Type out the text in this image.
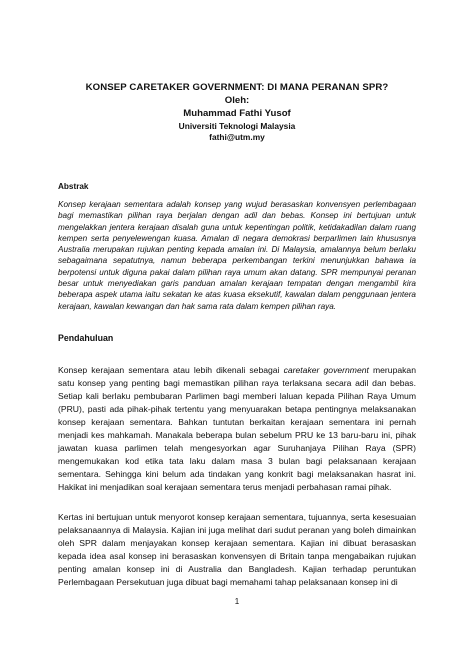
KONSEP CARETAKER GOVERNMENT: DI MANA PERANAN SPR?
Oleh:
Muhammad Fathi Yusof
Universiti Teknologi Malaysia
fathi@utm.my
Abstrak
Konsep kerajaan sementara adalah konsep yang wujud berasaskan konvensyen perlembagaan bagi memastikan pilihan raya berjalan dengan adil dan bebas. Konsep ini bertujuan untuk mengelakkan jentera kerajaan disalah guna untuk kepentingan politik, ketidakadilan dalam ruang kempen serta penyelewengan kuasa. Amalan di negara demokrasi berparlimen lain khususnya Australia merupakan rujukan penting kepada amalan ini. Di Malaysia, amalannya belum berlaku sebagaimana sepatutnya, namun beberapa perkembangan terkini menunjukkan bahawa ia berpotensi untuk diguna pakai dalam pilihan raya umum akan datang. SPR mempunyai peranan besar untuk menyediakan garis panduan amalan kerajaan tempatan dengan mengambil kira beberapa aspek utama iaitu sekatan ke atas kuasa eksekutif, kawalan dalam penggunaan jentera kerajaan, kawalan kewangan dan hak sama rata dalam kempen pilihan raya.
Pendahuluan
Konsep kerajaan sementara atau lebih dikenali sebagai caretaker government merupakan satu konsep yang penting bagi memastikan pilihan raya terlaksana secara adil dan bebas. Setiap kali berlaku pembubaran Parlimen bagi memberi laluan kepada Pilihan Raya Umum (PRU), pasti ada pihak-pihak tertentu yang menyuarakan betapa pentingnya melaksanakan konsep kerajaan sementara. Bahkan tuntutan berkaitan kerajaan sementara ini pernah menjadi kes mahkamah. Manakala beberapa bulan sebelum PRU ke 13 baru-baru ini, pihak jawatan kuasa parlimen telah mengesyorkan agar Suruhanjaya Pilihan Raya (SPR) mengemukakan kod etika tata laku dalam masa 3 bulan bagi pelaksanaan kerajaan sementara. Sehingga kini belum ada tindakan yang konkrit bagi melaksanakan hasrat ini. Hakikat ini menjadikan soal kerajaan sementara terus menjadi perbahasan ramai pihak.
Kertas ini bertujuan untuk menyorot konsep kerajaan sementara, tujuannya, serta kesesuaian pelaksanaannya di Malaysia. Kajian ini juga melihat dari sudut peranan yang boleh dimainkan oleh SPR dalam menjayakan konsep kerajaan sementara. Kajian ini dibuat berasaskan kepada idea asal konsep ini berasaskan konvensyen di Britain tanpa mengabaikan rujukan penting amalan konsep ini di Australia dan Bangladesh. Kajian terhadap peruntukan Perlembagaan Persekutuan juga dibuat bagi memahami tahap pelaksanaan konsep ini di
1
